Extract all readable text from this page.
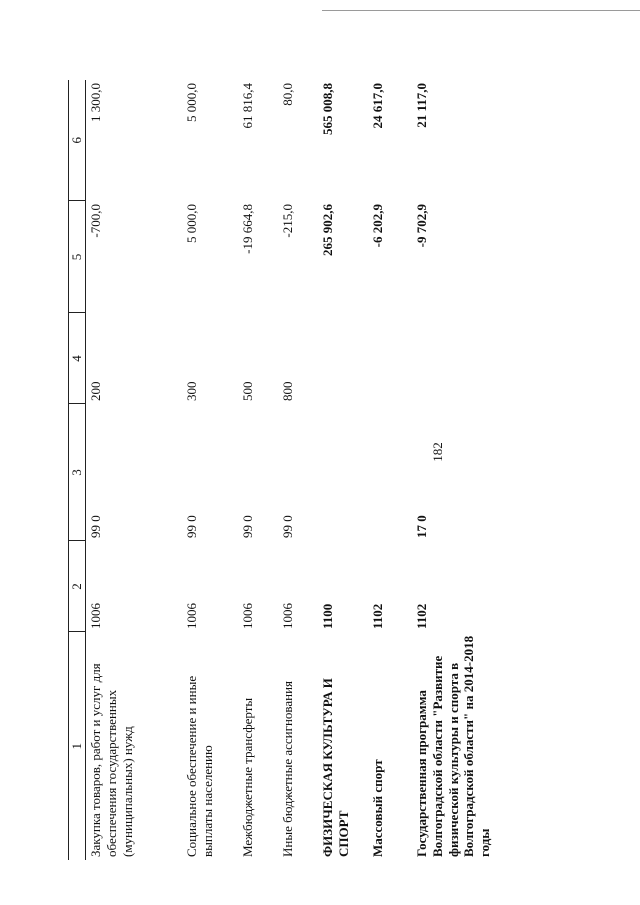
182
1	2	3	4	5	6
Закупка товаров, работ и услуг для обеспечения государственных (муниципальных) нужд	1006	99 0	200	-700,0	1 300,0
Социальное обеспечение и иные выплаты населению	1006	99 0	300	5 000,0	5 000,0
Межбюджетные трансферты	1006	99 0	500	-19 664,8	61 816,4
Иные бюджетные ассигнования	1006	99 0	800	-215,0	80,0
ФИЗИЧЕСКАЯ КУЛЬТУРА И СПОРТ	1100			265 902,6	565 008,8
Массовый спорт	1102			-6 202,9	24 617,0
Государственная программа Волгоградской области "Развитие физической культуры и спорта в Волгоградской области" на 2014-2018 годы	1102	17 0		-9 702,9	21 117,0
